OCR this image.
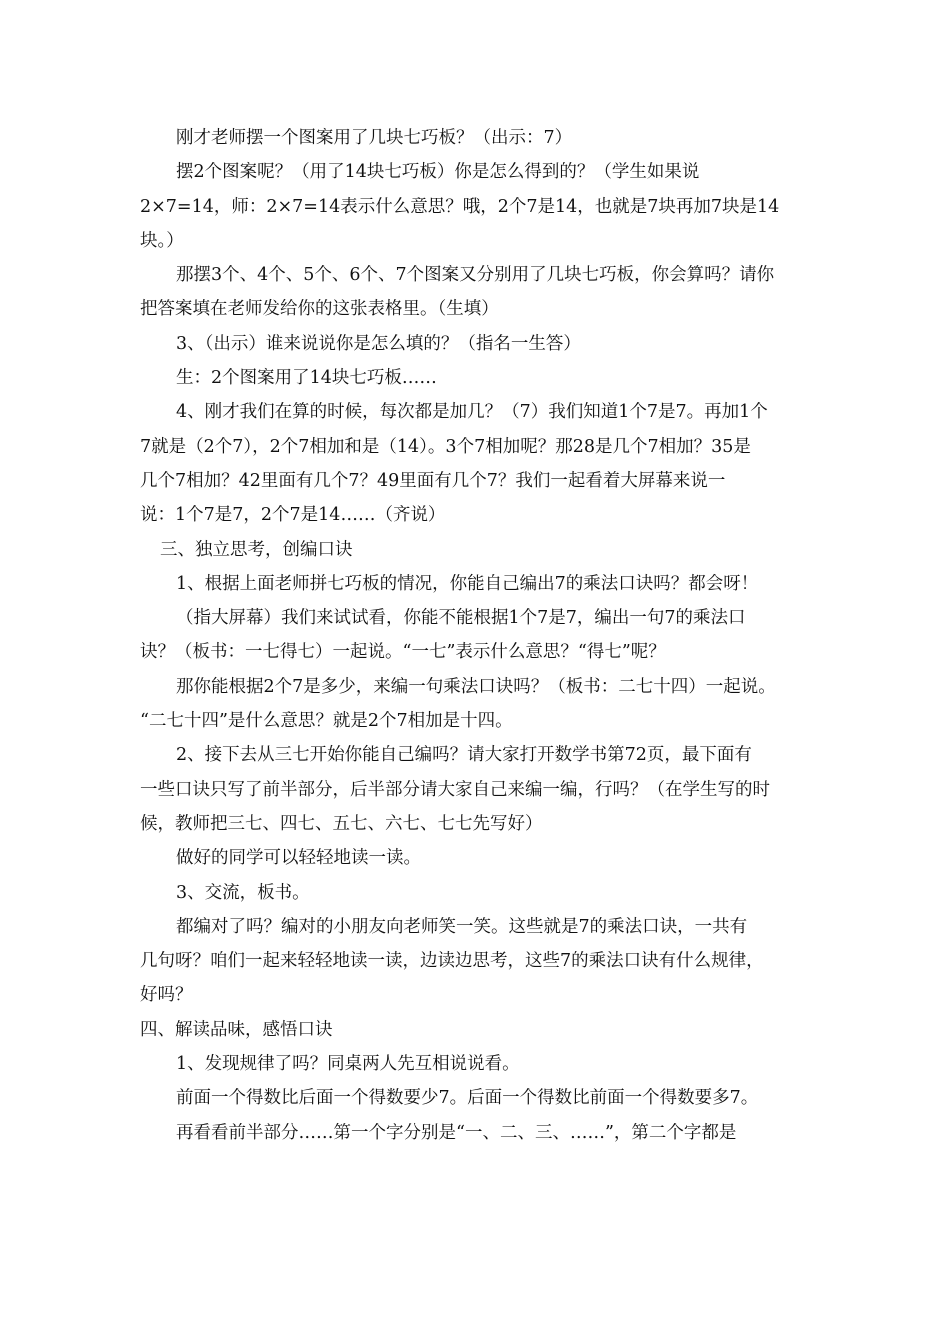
刚才老师摆一个图案用了几块七巧板？（出示：7）
摆2个图案呢？（用了14块七巧板）你是怎么得到的？（学生如果说
2×7=14，师：2×7=14表示什么意思？哦，2个7是14，也就是7块再加7块是14
块。）
那摆3个、4个、5个、6个、7个图案又分别用了几块七巧板，你会算吗？请你
把答案填在老师发给你的这张表格里。（生填）
3、（出示）谁来说说你是怎么填的？（指名一生答）
生：2个图案用了14块七巧板……
4、刚才我们在算的时候，每次都是加几？（7）我们知道1个7是7。再加1个
7就是（2个7），2个7相加和是（14）。3个7相加呢？那28是几个7相加？35是
几个7相加？42里面有几个7？49里面有几个7？我们一起看着大屏幕来说一
说：1个7是7，2个7是14……（齐说）
三、独立思考，创编口诀
1、根据上面老师拼七巧板的情况，你能自己编出7的乘法口诀吗？都会呀！
（指大屏幕）我们来试试看，你能不能根据1个7是7，编出一句7的乘法口
诀？（板书：一七得七）一起说。“一七”表示什么意思？“得七”呢？
那你能根据2个7是多少，来编一句乘法口诀吗？（板书：二七十四）一起说。
“二七十四”是什么意思？就是2个7相加是十四。
2、接下去从三七开始你能自己编吗？请大家打开数学书第72页，最下面有
一些口诀只写了前半部分，后半部分请大家自己来编一编，行吗？（在学生写的时
候，教师把三七、四七、五七、六七、七七先写好）
做好的同学可以轻轻地读一读。
3、交流，板书。
都编对了吗？编对的小朋友向老师笑一笑。这些就是7的乘法口诀，一共有
几句呀？咱们一起来轻轻地读一读，边读边思考，这些7的乘法口诀有什么规律，
好吗？
四、解读品味，感悟口诀
1、发现规律了吗？同桌两人先互相说说看。
前面一个得数比后面一个得数要少7。后面一个得数比前面一个得数要多7。
再看看前半部分……第一个字分别是“一、二、三、……”，第二个字都是
